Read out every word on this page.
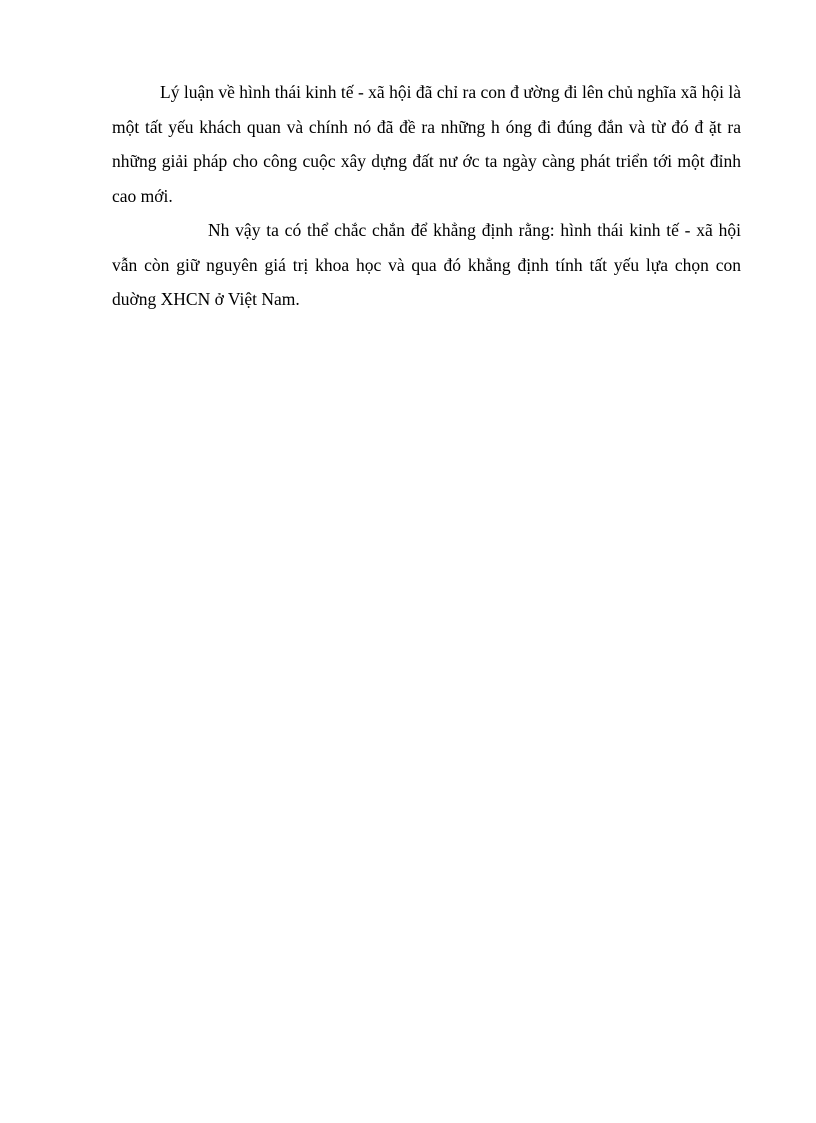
Lý luận về hình thái kinh tế - xã hội đã chỉ ra con đ ường đi lên chủ nghĩa xã hội là một tất yếu khách quan và chính nó đã đề ra những h óng đi đúng đắn và từ đó đ ặt ra những giải pháp cho công cuộc xây dựng đất nư ớc ta ngày càng phát triển tới một đỉnh cao mới.

Nh vậy ta có thể chắc chắn để khẳng định rằng: hình thái kinh tế - xã hội vẫn còn giữ nguyên giá trị khoa học và qua đó khẳng định tính tất yếu lựa chọn con duờng XHCN ở Việt Nam.
